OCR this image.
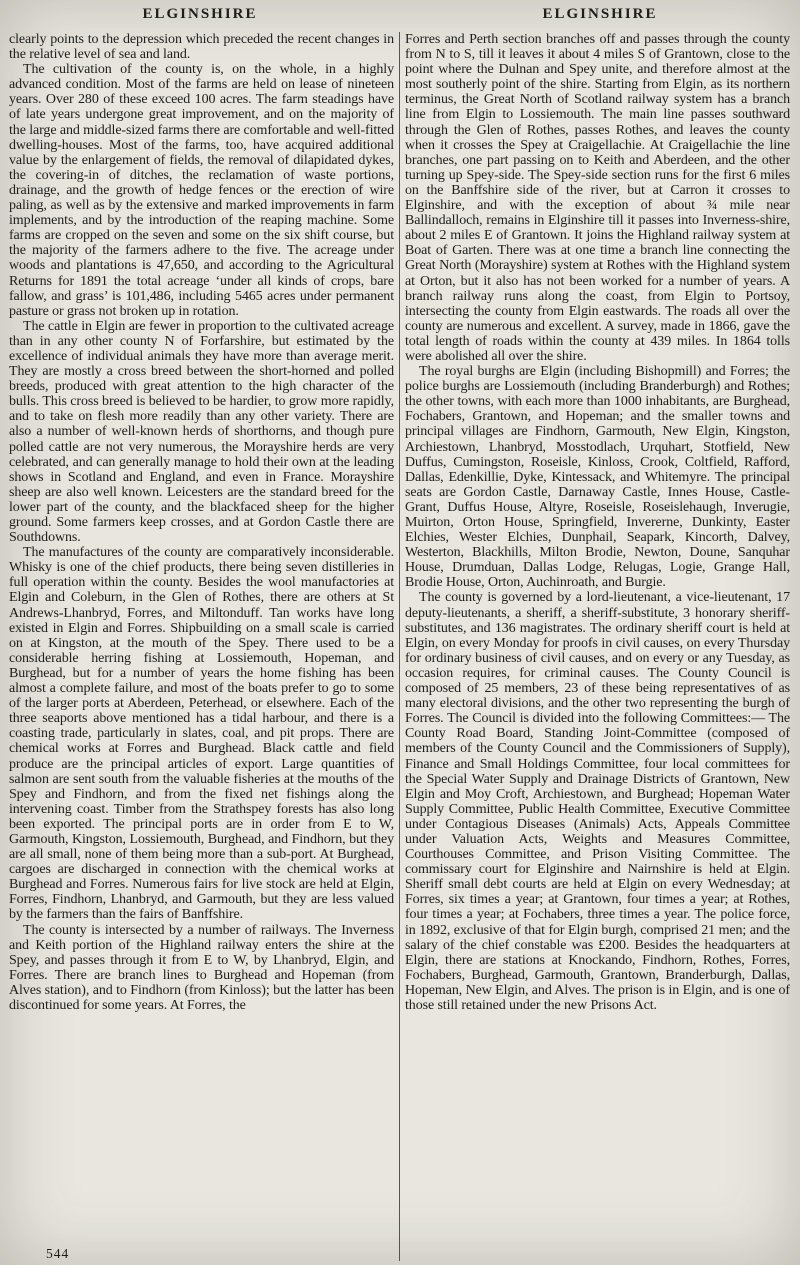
ELGINSHIRE	ELGINSHIRE

clearly points to the depression which preceded the recent changes in the relative level of sea and land.

The cultivation of the county is, on the whole, in a highly advanced condition. Most of the farms are held on lease of nineteen years. Over 280 of these exceed 100 acres. The farm steadings have of late years undergone great improvement, and on the majority of the large and middle-sized farms there are comfortable and well-fitted dwelling-houses. Most of the farms, too, have acquired additional value by the enlargement of fields, the removal of dilapidated dykes, the covering-in of ditches, the reclamation of waste portions, drainage, and the growth of hedge fences or the erection of wire paling, as well as by the extensive and marked improvements in farm implements, and by the introduction of the reaping machine. Some farms are cropped on the seven and some on the six shift course, but the majority of the farmers adhere to the five. The acreage under woods and plantations is 47,650, and according to the Agricultural Returns for 1891 the total acreage ‘under all kinds of crops, bare fallow, and grass’ is 101,486, including 5465 acres under permanent pasture or grass not broken up in rotation.

The cattle in Elgin are fewer in proportion to the cultivated acreage than in any other county N of Forfarshire, but estimated by the excellence of individual animals they have more than average merit. They are mostly a cross breed between the short-horned and polled breeds, produced with great attention to the high character of the bulls. This cross breed is believed to be hardier, to grow more rapidly, and to take on flesh more readily than any other variety. There are also a number of well-known herds of shorthorns, and though pure polled cattle are not very numerous, the Morayshire herds are very celebrated, and can generally manage to hold their own at the leading shows in Scotland and England, and even in France. Morayshire sheep are also well known. Leicesters are the standard breed for the lower part of the county, and the blackfaced sheep for the higher ground. Some farmers keep crosses, and at Gordon Castle there are Southdowns.

The manufactures of the county are comparatively inconsiderable. Whisky is one of the chief products, there being seven distilleries in full operation within the county. Besides the wool manufactories at Elgin and Coleburn, in the Glen of Rothes, there are others at St Andrews-Lhanbryd, Forres, and Miltonduff. Tan works have long existed in Elgin and Forres. Shipbuilding on a small scale is carried on at Kingston, at the mouth of the Spey. There used to be a considerable herring fishing at Lossiemouth, Hopeman, and Burghead, but for a number of years the home fishing has been almost a complete failure, and most of the boats prefer to go to some of the larger ports at Aberdeen, Peterhead, or elsewhere. Each of the three seaports above mentioned has a tidal harbour, and there is a coasting trade, particularly in slates, coal, and pit props. There are chemical works at Forres and Burghead. Black cattle and field produce are the principal articles of export. Large quantities of salmon are sent south from the valuable fisheries at the mouths of the Spey and Findhorn, and from the fixed net fishings along the intervening coast. Timber from the Strathspey forests has also long been exported. The principal ports are in order from E to W, Garmouth, Kingston, Lossiemouth, Burghead, and Findhorn, but they are all small, none of them being more than a sub-port. At Burghead, cargoes are discharged in connection with the chemical works at Burghead and Forres. Numerous fairs for live stock are held at Elgin, Forres, Findhorn, Lhanbryd, and Garmouth, but they are less valued by the farmers than the fairs of Banffshire.

The county is intersected by a number of railways. The Inverness and Keith portion of the Highland railway enters the shire at the Spey, and passes through it from E to W, by Lhanbryd, Elgin, and Forres. There are branch lines to Burghead and Hopeman (from Alves station), and to Findhorn (from Kinloss); but the latter has been discontinued for some years. At Forres, the

Forres and Perth section branches off and passes through the county from N to S, till it leaves it about 4 miles S of Grantown, close to the point where the Dulnan and Spey unite, and therefore almost at the most southerly point of the shire. Starting from Elgin, as its northern terminus, the Great North of Scotland railway system has a branch line from Elgin to Lossiemouth. The main line passes southward through the Glen of Rothes, passes Rothes, and leaves the county when it crosses the Spey at Craigellachie. At Craigellachie the line branches, one part passing on to Keith and Aberdeen, and the other turning up Spey-side. The Spey-side section runs for the first 6 miles on the Banffshire side of the river, but at Carron it crosses to Elginshire, and with the exception of about ¾ mile near Ballindalloch, remains in Elginshire till it passes into Inverness-shire, about 2 miles E of Grantown. It joins the Highland railway system at Boat of Garten. There was at one time a branch line connecting the Great North (Morayshire) system at Rothes with the Highland system at Orton, but it also has not been worked for a number of years. A branch railway runs along the coast, from Elgin to Portsoy, intersecting the county from Elgin eastwards. The roads all over the county are numerous and excellent. A survey, made in 1866, gave the total length of roads within the county at 439 miles. In 1864 tolls were abolished all over the shire.

The royal burghs are Elgin (including Bishopmill) and Forres; the police burghs are Lossiemouth (including Branderburgh) and Rothes; the other towns, with each more than 1000 inhabitants, are Burghead, Fochabers, Grantown, and Hopeman; and the smaller towns and principal villages are Findhorn, Garmouth, New Elgin, Kingston, Archiestown, Lhanbryd, Mosstodlach, Urquhart, Stotfield, New Duffus, Cumingston, Roseisle, Kinloss, Crook, Coltfield, Rafford, Dallas, Edenkillie, Dyke, Kintessack, and Whitemyre. The principal seats are Gordon Castle, Darnaway Castle, Innes House, Castle-Grant, Duffus House, Altyre, Roseisle, Roseislehaugh, Inverugie, Muirton, Orton House, Springfield, Invererne, Dunkinty, Easter Elchies, Wester Elchies, Dunphail, Seapark, Kincorth, Dalvey, Westerton, Blackhills, Milton Brodie, Newton, Doune, Sanquhar House, Drumduan, Dallas Lodge, Relugas, Logie, Grange Hall, Brodie House, Orton, Auchinroath, and Burgie.

The county is governed by a lord-lieutenant, a vice-lieutenant, 17 deputy-lieutenants, a sheriff, a sheriff-substitute, 3 honorary sheriff-substitutes, and 136 magistrates. The ordinary sheriff court is held at Elgin, on every Monday for proofs in civil causes, on every Thursday for ordinary business of civil causes, and on every or any Tuesday, as occasion requires, for criminal causes. The County Council is composed of 25 members, 23 of these being representatives of as many electoral divisions, and the other two representing the burgh of Forres. The Council is divided into the following Committees:— The County Road Board, Standing Joint-Committee (composed of members of the County Council and the Commissioners of Supply), Finance and Small Holdings Committee, four local committees for the Special Water Supply and Drainage Districts of Grantown, New Elgin and Moy Croft, Archiestown, and Burghead; Hopeman Water Supply Committee, Public Health Committee, Executive Committee under Contagious Diseases (Animals) Acts, Appeals Committee under Valuation Acts, Weights and Measures Committee, Courthouses Committee, and Prison Visiting Committee. The commissary court for Elginshire and Nairnshire is held at Elgin. Sheriff small debt courts are held at Elgin on every Wednesday; at Forres, six times a year; at Grantown, four times a year; at Rothes, four times a year; at Fochabers, three times a year. The police force, in 1892, exclusive of that for Elgin burgh, comprised 21 men; and the salary of the chief constable was £200. Besides the headquarters at Elgin, there are stations at Knockando, Findhorn, Rothes, Forres, Fochabers, Burghead, Garmouth, Grantown, Branderburgh, Dallas, Hopeman, New Elgin, and Alves. The prison is in Elgin, and is one of those still retained under the new Prisons Act.

544
